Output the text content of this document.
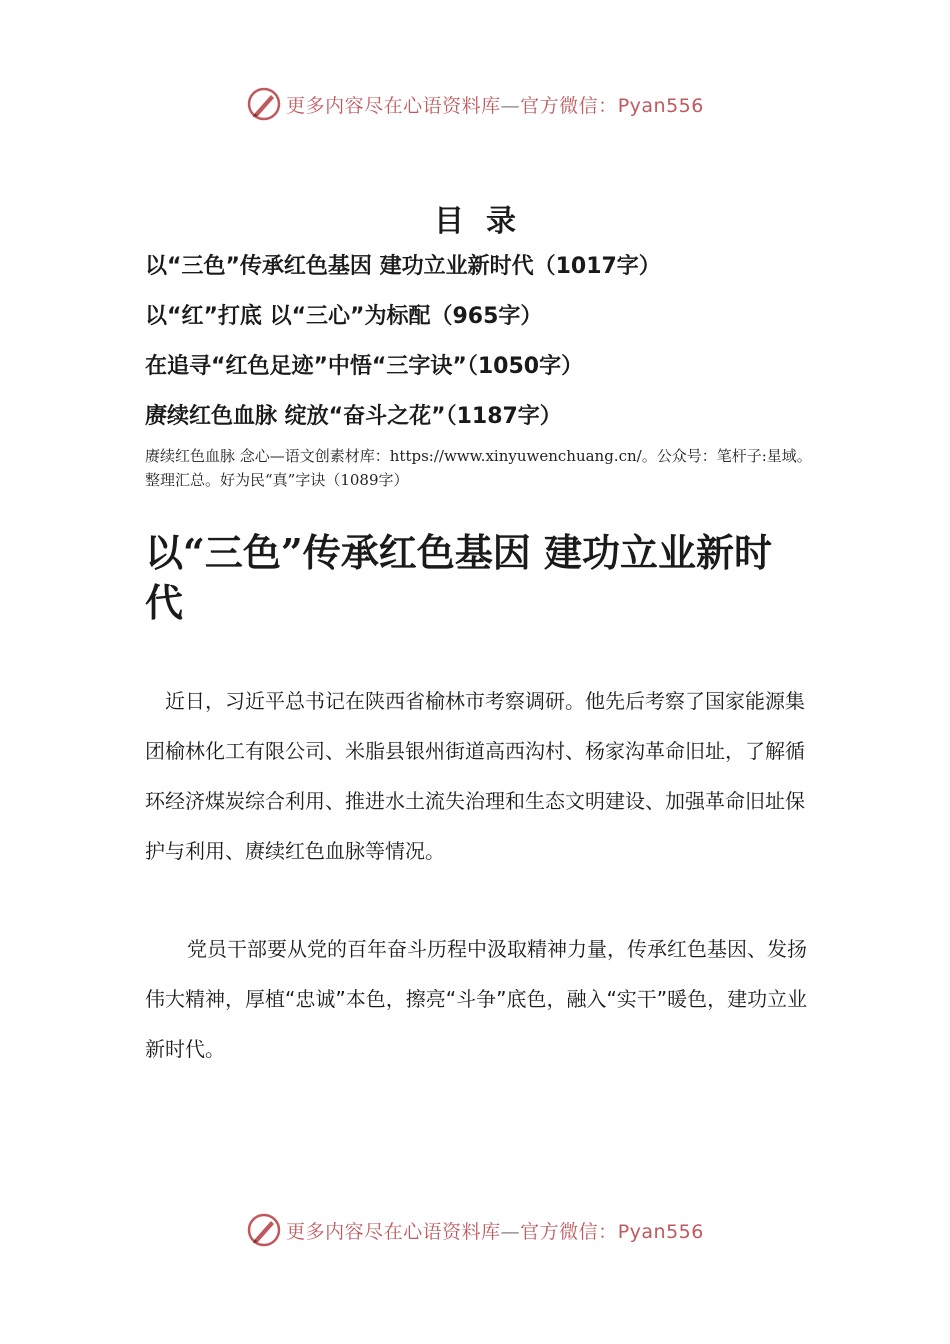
更多内容尽在心语资料库—官方微信：Pyan556
目录
以“三色”传承红色基因 建功立业新时代（1017字）
以“红”打底 以“三心”为标配（965字）
在追寻“红色足迹”中悟“三字诀”（1050字）
赓续红色血脉 绽放“奋斗之花”（1187字）
赓续红色血脉 念心—语文创素材库：https://www.xinyuwenchuang.cn/。公众号：笔杆子:星域。整理汇总。好为民“真”字诀（1089字）
以“三色”传承红色基因 建功立业新时代

近日，习近平总书记在陕西省榆林市考察调研。他先后考察了国家能源集团榆林化工有限公司、米脂县银州街道高西沟村、杨家沟革命旧址，了解循环经济煤炭综合利用、推进水土流失治理和生态文明建设、加强革命旧址保护与利用、赓续红色血脉等情况。

党员干部要从党的百年奋斗历程中汲取精神力量，传承红色基因、发扬伟大精神，厚植“忠诚”本色，擦亮“斗争”底色，融入“实干”暖色，建功立业新时代。

更多内容尽在心语资料库—官方微信：Pyan556
